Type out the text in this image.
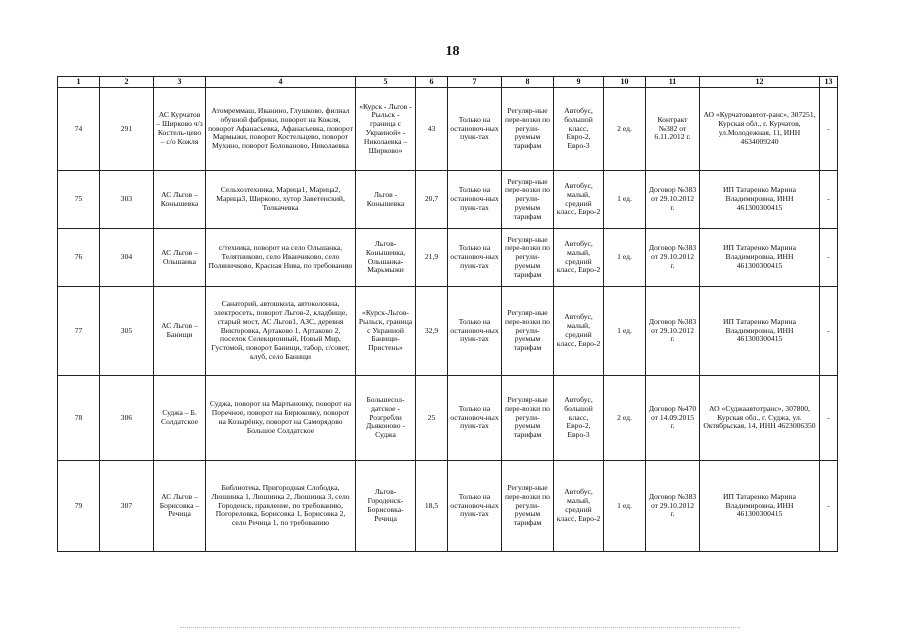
18
1	2	3	4	5	6	7	8	9	10	11	12	13
74	291	АС Курчатов – Ширково ч/з Костель-цево – с/о Кожля	Атомреммаш, Иванино, Глушково, филиал обувной фабрики, поворот на Кожля, поворот Афанасьевка, Афанасьевка, поворот Мармыжи, поворот Костельцево, поворот Мухино, поворот Болованово, Николаевка	«Курск - Льгов - Рыльск - граница с Украиной» - Николаевка – Ширково»	43	Только на остановоч-ных пунк-тах	Регуляр-ные пере-возки по регули-руемым тарифам	Автобус, большой класс, Евро-2, Евро-3	2 ед.	Контракт №382 от 6.11.2012 г.	АО «Курчатовавтот-ранс», 307251, Курская обл., г. Курчатов, ул.Молодежная, 11, ИНН 4634009240	-
75	303	АС Льгов – Конышевка	Сельхозтехника, Марица1, Марица2, Марица3, Ширково, хутор Заветенский, Толкачевка	Льгов - Конышевка	20,7	Только на остановоч-ных пунк-тах	Регуляр-ные пере-возки по регули-руемым тарифам	Автобус, малый, средний класс, Евро-2	1 ед.	Договор №383 от 29.10.2012 г.	ИП Татаренко Марина Владимировна, ИНН 461300300415	-
76	304	АС Льгов – Ольшанка	с/техника, поворот на село Ольшанка, Телятниково, село Иванчиково, село Поляничково, Красная Нива, по требованию	Льгов-Конышевка, Ольшанка-Марьмыжи	21,9	Только на остановоч-ных пунк-тах	Регуляр-ные пере-возки по регули-руемым тарифам	Автобус, малый, средний класс, Евро-2	1 ед.	Договор №383 от 29.10.2012 г.	ИП Татаренко Марина Владимировна, ИНН 461300300415	-
77	305	АС Льгов – Банищи	Санаторий, автошкола, автоколонна, электросеть, поворот Льгов-2, кладбище, старый мост, АС Льгов1, АЗС, деревня Викторовка, Артаково 1, Артаково 2, поселок Селекционный, Новый Мир, Густомой, поворот Банищи, табор, с/совет, клуб, село Банищи	«Курск-Льгов-Рыльск, граница с Украиной Банищи-Пристень»	32,9	Только на остановоч-ных пунк-тах	Регуляр-ные пере-возки по регули-руемым тарифам	Автобус, малый, средний класс, Евро-2	1 ед.	Договор №383 от 29.10.2012 г.	ИП Татаренко Марина Владимировна, ИНН 461300300415	-
78	306	Суджа – Б. Солдатское	Суджа, поворот на Мартыновку, поворот на Поречное, поворот на Бирюковку, поворот на Козырёнку, поворот на Саморядово Большое Солдатское	Большесол-датское - Розгребли Дьяконово - Суджа	25	Только на остановоч-ных пунк-тах	Регуляр-ные пере-возки по регули-руемым тарифам	Автобус, большой класс, Евро-2, Евро-3	2 ед.	Договор №470 от 14.09.2015 г.	АО «Суджаавтотранс», 307800, Курская обл., г. Суджа, ул. Октябрьская, 14, ИНН 4623006350	-
79	307	АС Льгов – Борисовка – Речица	Библиотека, Пригородная Слободка, Люшинка 1, Люшинка 2, Люшинка 3, село Городенск, правление, по требованию, Погореловка, Борисовка 1, Борисовка 2, село Речица 1, по требованию	Льгов-Городенск-Борисовка-Речица	18,5	Только на остановоч-ных пунк-тах	Регуляр-ные пере-возки по регули-руемым тарифам	Автобус, малый, средний класс, Евро-2	1 ед.	Договор №383 от 29.10.2012 г.	ИП Татаренко Марина Владимировна, ИНН 461300300415	-
